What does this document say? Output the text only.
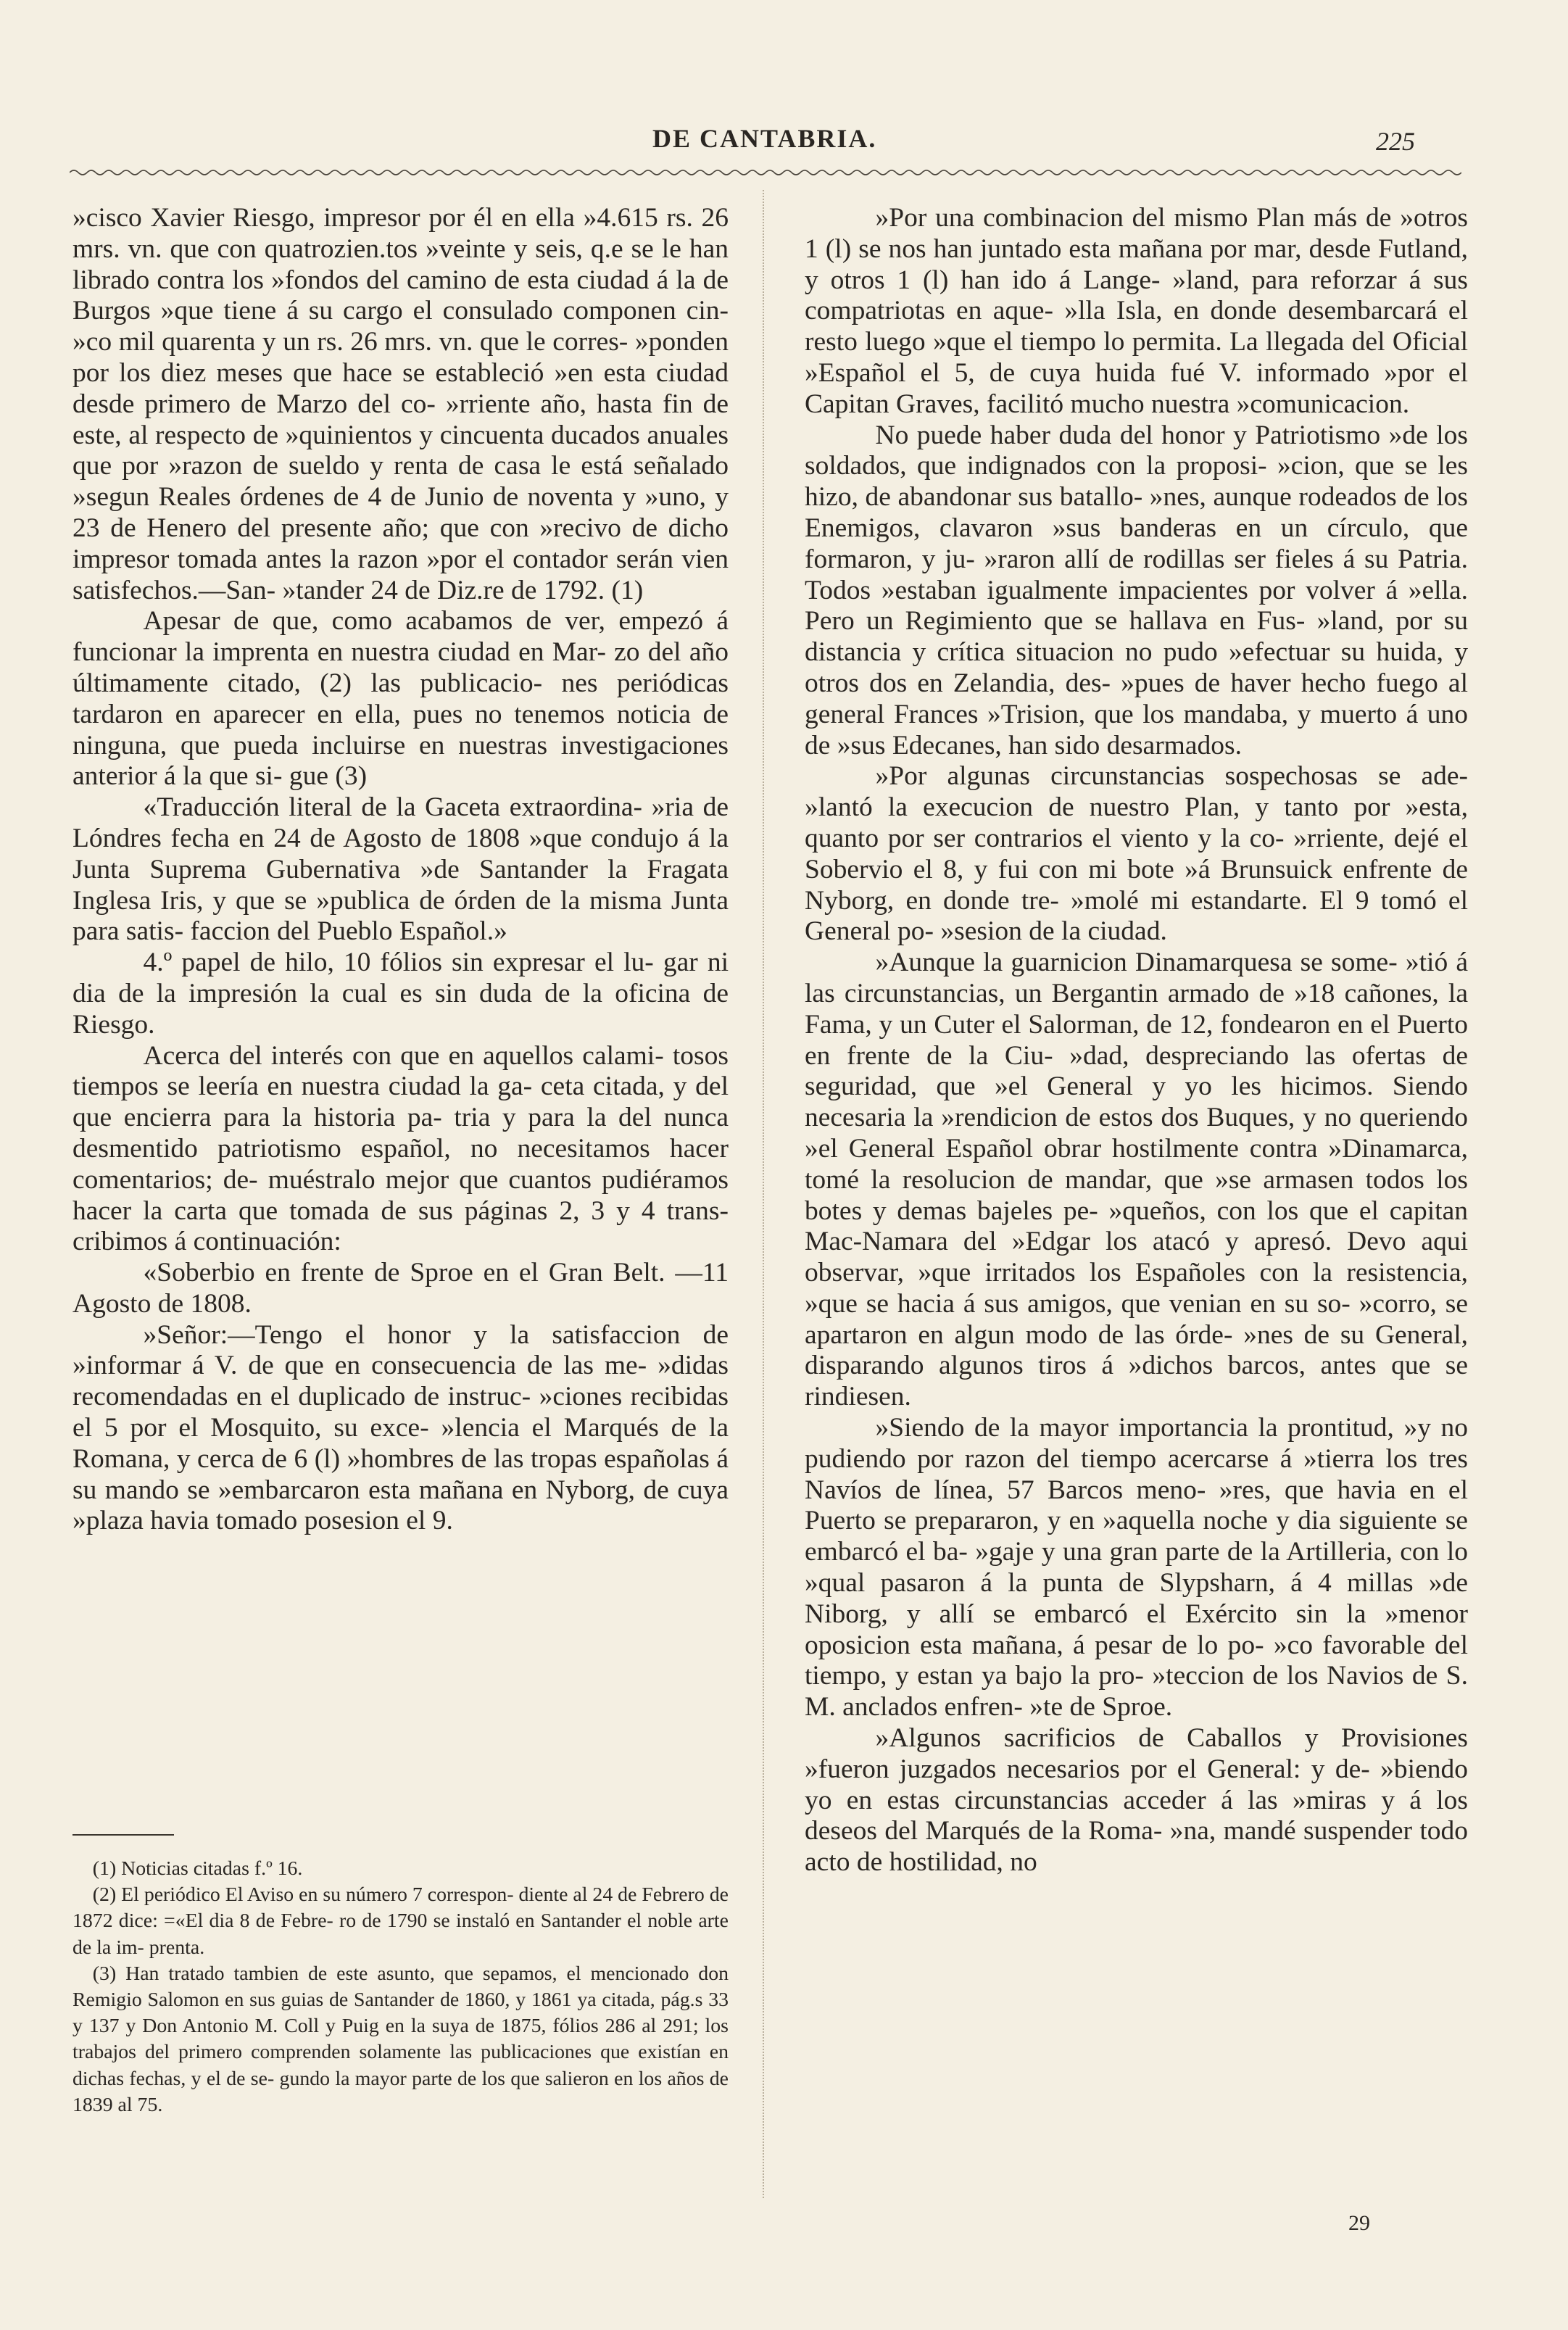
DE CANTABRIA.	225

»cisco Xavier Riesgo, impresor por él en ella »4.615 rs. 26 mrs. vn. que con quatrozien.tos »veinte y seis, q.e se le han librado contra los »fondos del camino de esta ciudad á la de Burgos »que tiene á su cargo el consulado componen cin- »co mil quarenta y un rs. 26 mrs. vn. que le corres- »ponden por los diez meses que hace se estableció »en esta ciudad desde primero de Marzo del co- »rriente año, hasta fin de este, al respecto de »quinientos y cincuenta ducados anuales que por »razon de sueldo y renta de casa le está señalado »segun Reales órdenes de 4 de Junio de noventa y »uno, y 23 de Henero del presente año; que con »recivo de dicho impresor tomada antes la razon »por el contador serán vien satisfechos.—San- »tander 24 de Diz.re de 1792. (1)

Apesar de que, como acabamos de ver, empezó á funcionar la imprenta en nuestra ciudad en Mar- zo del año últimamente citado, (2) las publicacio- nes periódicas tardaron en aparecer en ella, pues no tenemos noticia de ninguna, que pueda incluirse en nuestras investigaciones anterior á la que si- gue (3)

«Traducción literal de la Gaceta extraordina- »ria de Lóndres fecha en 24 de Agosto de 1808 »que condujo á la Junta Suprema Gubernativa »de Santander la Fragata Inglesa Iris, y que se »publica de órden de la misma Junta para satis- faccion del Pueblo Español.»

4.º papel de hilo, 10 fólios sin expresar el lu- gar ni dia de la impresión la cual es sin duda de la oficina de Riesgo.

Acerca del interés con que en aquellos calami- tosos tiempos se leería en nuestra ciudad la ga- ceta citada, y del que encierra para la historia pa- tria y para la del nunca desmentido patriotismo español, no necesitamos hacer comentarios; de- muéstralo mejor que cuantos pudiéramos hacer la carta que tomada de sus páginas 2, 3 y 4 trans- cribimos á continuación:

«Soberbio en frente de Sproe en el Gran Belt. —11 Agosto de 1808.

»Señor:—Tengo el honor y la satisfaccion de »informar á V. de que en consecuencia de las me- »didas recomendadas en el duplicado de instruc- »ciones recibidas el 5 por el Mosquito, su exce- »lencia el Marqués de la Romana, y cerca de 6 (l) »hombres de las tropas españolas á su mando se »embarcaron esta mañana en Nyborg, de cuya »plaza havia tomado posesion el 9.

(1) Noticias citadas f.º 16.

(2) El periódico El Aviso en su número 7 correspon- diente al 24 de Febrero de 1872 dice: =«El dia 8 de Febre- ro de 1790 se instaló en Santander el noble arte de la im- prenta.

(3) Han tratado tambien de este asunto, que sepamos, el mencionado don Remigio Salomon en sus guias de Santander de 1860, y 1861 ya citada, pág.s 33 y 137 y Don Antonio M. Coll y Puig en la suya de 1875, fólios 286 al 291; los trabajos del primero comprenden solamente las publicaciones que existían en dichas fechas, y el de se- gundo la mayor parte de los que salieron en los años de 1839 al 75.

»Por una combinacion del mismo Plan más de »otros 1 (l) se nos han juntado esta mañana por mar, desde Futland, y otros 1 (l) han ido á Lange- »land, para reforzar á sus compatriotas en aque- »lla Isla, en donde desembarcará el resto luego »que el tiempo lo permita. La llegada del Oficial »Español el 5, de cuya huida fué V. informado »por el Capitan Graves, facilitó mucho nuestra »comunicacion.

No puede haber duda del honor y Patriotismo »de los soldados, que indignados con la proposi- »cion, que se les hizo, de abandonar sus batallo- »nes, aunque rodeados de los Enemigos, clavaron »sus banderas en un círculo, que formaron, y ju- »raron allí de rodillas ser fieles á su Patria. Todos »estaban igualmente impacientes por volver á »ella. Pero un Regimiento que se hallava en Fus- »land, por su distancia y crítica situacion no pudo »efectuar su huida, y otros dos en Zelandia, des- »pues de haver hecho fuego al general Frances »Trision, que los mandaba, y muerto á uno de »sus Edecanes, han sido desarmados.

»Por algunas circunstancias sospechosas se ade- »lantó la execucion de nuestro Plan, y tanto por »esta, quanto por ser contrarios el viento y la co- »rriente, dejé el Sobervio el 8, y fui con mi bote »á Brunsuick enfrente de Nyborg, en donde tre- »molé mi estandarte. El 9 tomó el General po- »sesion de la ciudad.

»Aunque la guarnicion Dinamarquesa se some- »tió á las circunstancias, un Bergantin armado de »18 cañones, la Fama, y un Cuter el Salorman, de 12, fondearon en el Puerto en frente de la Ciu- »dad, despreciando las ofertas de seguridad, que »el General y yo les hicimos. Siendo necesaria la »rendicion de estos dos Buques, y no queriendo »el General Español obrar hostilmente contra »Dinamarca, tomé la resolucion de mandar, que »se armasen todos los botes y demas bajeles pe- »queños, con los que el capitan Mac-Namara del »Edgar los atacó y apresó. Devo aqui observar, »que irritados los Españoles con la resistencia, »que se hacia á sus amigos, que venian en su so- »corro, se apartaron en algun modo de las órde- »nes de su General, disparando algunos tiros á »dichos barcos, antes que se rindiesen.

»Siendo de la mayor importancia la prontitud, »y no pudiendo por razon del tiempo acercarse á »tierra los tres Navíos de línea, 57 Barcos meno- »res, que havia en el Puerto se prepararon, y en »aquella noche y dia siguiente se embarcó el ba- »gaje y una gran parte de la Artilleria, con lo »qual pasaron á la punta de Slypsharn, á 4 millas »de Niborg, y allí se embarcó el Exército sin la »menor oposicion esta mañana, á pesar de lo po- »co favorable del tiempo, y estan ya bajo la pro- »teccion de los Navios de S. M. anclados enfren- »te de Sproe.

»Algunos sacrificios de Caballos y Provisiones »fueron juzgados necesarios por el General: y de- »biendo yo en estas circunstancias acceder á las »miras y á los deseos del Marqués de la Roma- »na, mandé suspender todo acto de hostilidad, no

29
